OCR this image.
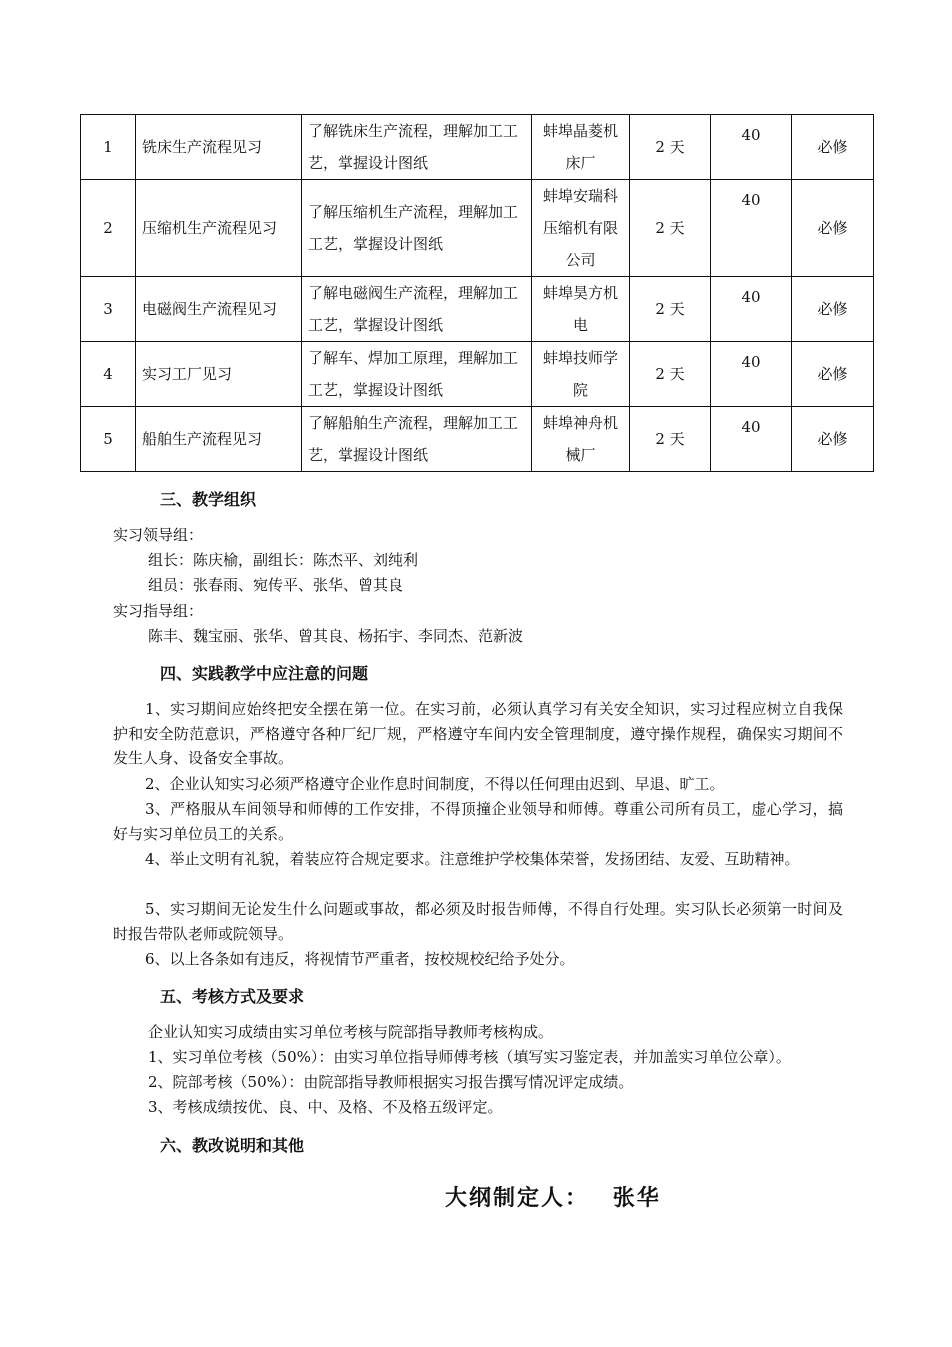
1	铣床生产流程见习	了解铣床生产流程，理解加工工艺，掌握设计图纸	蚌埠晶菱机床厂	2 天	40	必修
2	压缩机生产流程见习	了解压缩机生产流程，理解加工工艺，掌握设计图纸	蚌埠安瑞科压缩机有限公司	2 天	40	必修
3	电磁阀生产流程见习	了解电磁阀生产流程，理解加工工艺，掌握设计图纸	蚌埠昊方机电	2 天	40	必修
4	实习工厂见习	了解车、焊加工原理，理解加工工艺，掌握设计图纸	蚌埠技师学院	2 天	40	必修
5	船舶生产流程见习	了解船舶生产流程，理解加工工艺，掌握设计图纸	蚌埠神舟机械厂	2 天	40	必修
三、教学组织
实习领导组：
组长：陈庆榆，副组长：陈杰平、刘纯利
组员：张春雨、宛传平、张华、曾其良
实习指导组：
陈丰、魏宝丽、张华、曾其良、杨拓宇、李同杰、范新波
四、实践教学中应注意的问题
1、实习期间应始终把安全摆在第一位。在实习前，必须认真学习有关安全知识，实习过程应树立自我保护和安全防范意识，严格遵守各种厂纪厂规，严格遵守车间内安全管理制度，遵守操作规程，确保实习期间不发生人身、设备安全事故。
2、企业认知实习必须严格遵守企业作息时间制度，不得以任何理由迟到、早退、旷工。
3、严格服从车间领导和师傅的工作安排，不得顶撞企业领导和师傅。尊重公司所有员工，虚心学习，搞好与实习单位员工的关系。
4、举止文明有礼貌，着装应符合规定要求。注意维护学校集体荣誉，发扬团结、友爱、互助精神。
5、实习期间无论发生什么问题或事故，都必须及时报告师傅，不得自行处理。实习队长必须第一时间及时报告带队老师或院领导。
6、以上各条如有违反，将视情节严重者，按校规校纪给予处分。
五、考核方式及要求
企业认知实习成绩由实习单位考核与院部指导教师考核构成。
1、实习单位考核（50%）：由实习单位指导师傅考核（填写实习鉴定表，并加盖实习单位公章）。
2、院部考核（50%）：由院部指导教师根据实习报告撰写情况评定成绩。
3、考核成绩按优、良、中、及格、不及格五级评定。
六、教改说明和其他
大纲制定人： 张华
